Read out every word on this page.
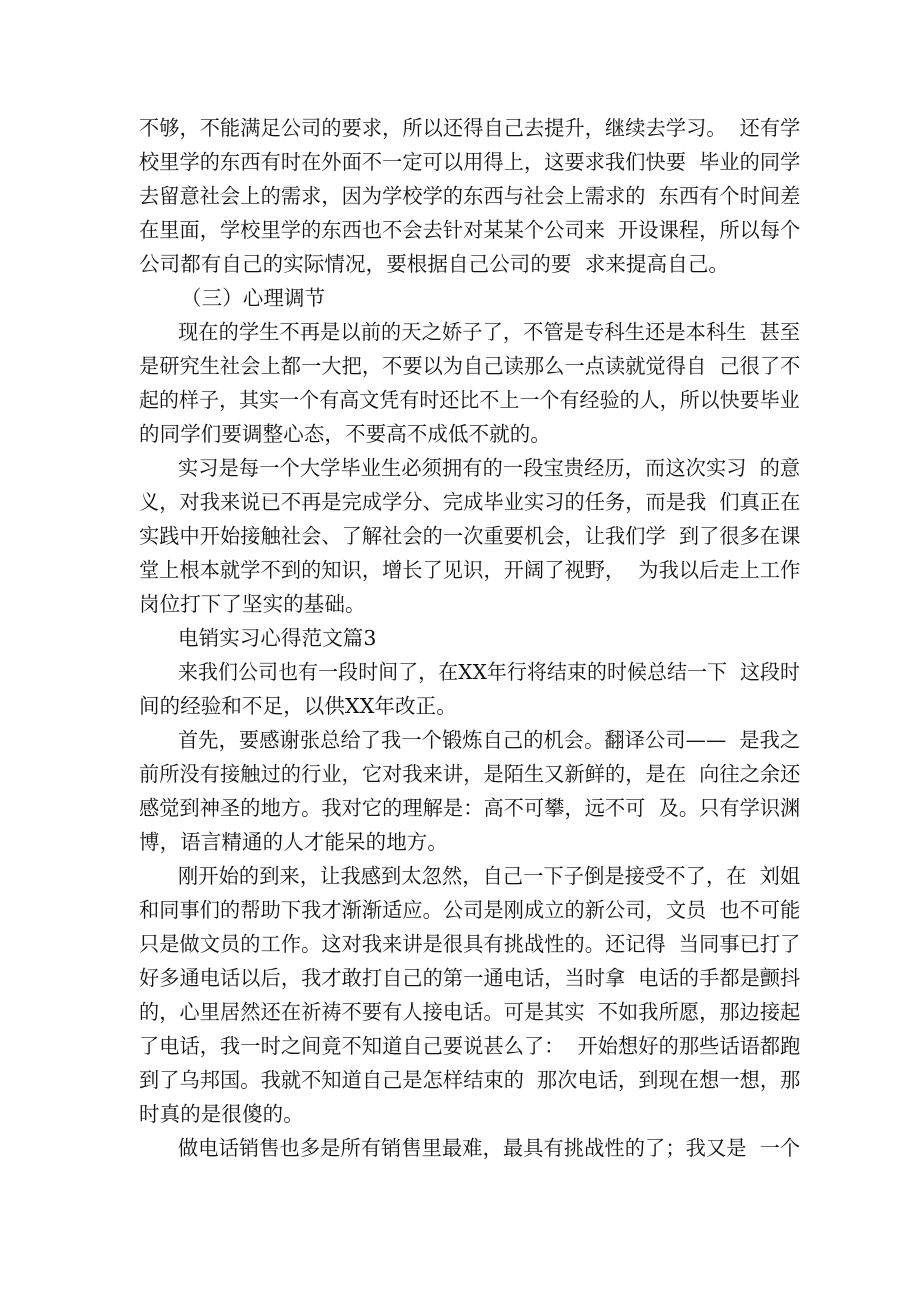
不够，不能满足公司的要求，所以还得自己去提升，继续去学习。  还有学
校里学的东西有时在外面不一定可以用得上，这要求我们快要  毕业的同学
去留意社会上的需求，因为学校学的东西与社会上需求的  东西有个时间差
在里面，学校里学的东西也不会去针对某某个公司来  开设课程，所以每个
公司都有自己的实际情况，要根据自己公司的要  求来提高自己。
（三）心理调节
现在的学生不再是以前的天之娇子了，不管是专科生还是本科生  甚至
是研究生社会上都一大把，不要以为自己读那么一点读就觉得自  己很了不
起的样子，其实一个有高文凭有时还比不上一个有经验的人，所以快要毕业
的同学们要调整心态，不要高不成低不就的。
实习是每一个大学毕业生必须拥有的一段宝贵经历，而这次实习  的意
义，对我来说已不再是完成学分、完成毕业实习的任务，而是我  们真正在
实践中开始接触社会、了解社会的一次重要机会，让我们学  到了很多在课
堂上根本就学不到的知识，增长了见识，开阔了视野，  为我以后走上工作
岗位打下了坚实的基础。
电销实习心得范文篇3
来我们公司也有一段时间了，在XX年行将结束的时候总结一下  这段时
间的经验和不足，以供XX年改正。
首先，要感谢张总给了我一个锻炼自己的机会。翻译公司——  是我之
前所没有接触过的行业，它对我来讲，是陌生又新鲜的，是在  向往之余还
感觉到神圣的地方。我对它的理解是：高不可攀，远不可  及。只有学识渊
博，语言精通的人才能呆的地方。
刚开始的到来，让我感到太忽然，自己一下子倒是接受不了，在  刘姐
和同事们的帮助下我才渐渐适应。公司是刚成立的新公司，文员  也不可能
只是做文员的工作。这对我来讲是很具有挑战性的。还记得  当同事已打了
好多通电话以后，我才敢打自己的第一通电话，当时拿  电话的手都是颤抖
的，心里居然还在祈祷不要有人接电话。可是其实  不如我所愿，那边接起
了电话，我一时之间竟不知道自己要说甚么了：  开始想好的那些话语都跑
到了乌邦国。我就不知道自己是怎样结束的  那次电话，到现在想一想，那
时真的是很傻的。
做电话销售也多是所有销售里最难，最具有挑战性的了；我又是  一个
